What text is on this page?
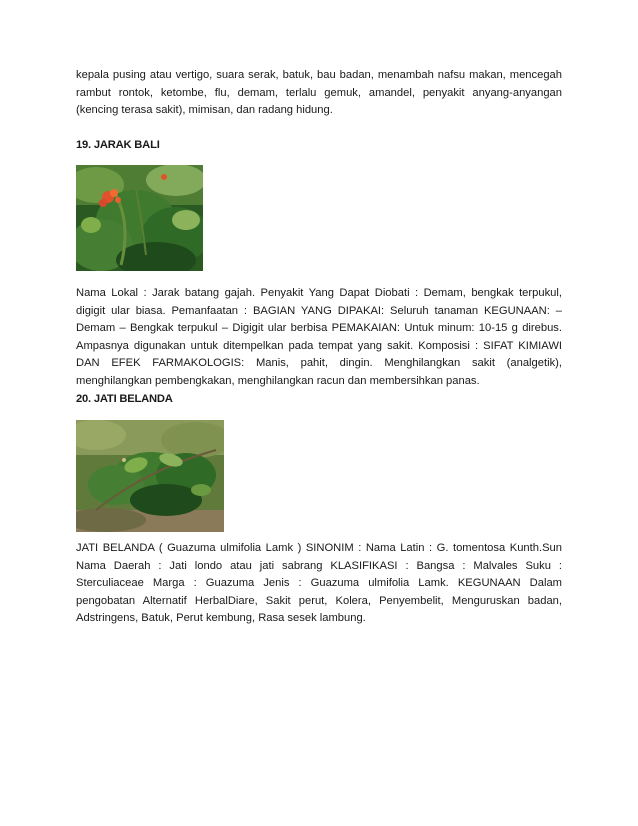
kepala pusing atau vertigo, suara serak, batuk, bau badan, menambah nafsu makan, mencegah rambut rontok, ketombe, flu, demam, terlalu gemuk, amandel, penyakit anyang-anyangan (kencing terasa sakit), mimisan, dan radang hidung.

19. JARAK BALI

Nama Lokal : Jarak batang gajah. Penyakit Yang Dapat Diobati : Demam, bengkak terpukul, digigit ular biasa. Pemanfaatan : BAGIAN YANG DIPAKAI: Seluruh tanaman KEGUNAAN: – Demam – Bengkak terpukul – Digigit ular berbisa PEMAKAIAN: Untuk minum: 10-15 g direbus. Ampasnya digunakan untuk ditempelkan pada tempat yang sakit. Komposisi : SIFAT KIMIAWI DAN EFEK FARMAKOLOGIS: Manis, pahit, dingin. Menghilangkan sakit (analgetik), menghilangkan pembengkakan, menghilangkan racun dan membersihkan panas.

20. JATI BELANDA

JATI BELANDA ( Guazuma ulmifolia Lamk ) SINONIM : Nama Latin : G. tomentosa Kunth.Sun Nama Daerah : Jati londo atau jati sabrang KLASIFIKASI : Bangsa : Malvales Suku : Sterculiaceae Marga : Guazuma Jenis : Guazuma ulmifolia Lamk. KEGUNAAN Dalam pengobatan Alternatif HerbalDiare, Sakit perut, Kolera, Penyembelit, Menguruskan badan, Adstringens, Batuk, Perut kembung, Rasa sesek lambung.
